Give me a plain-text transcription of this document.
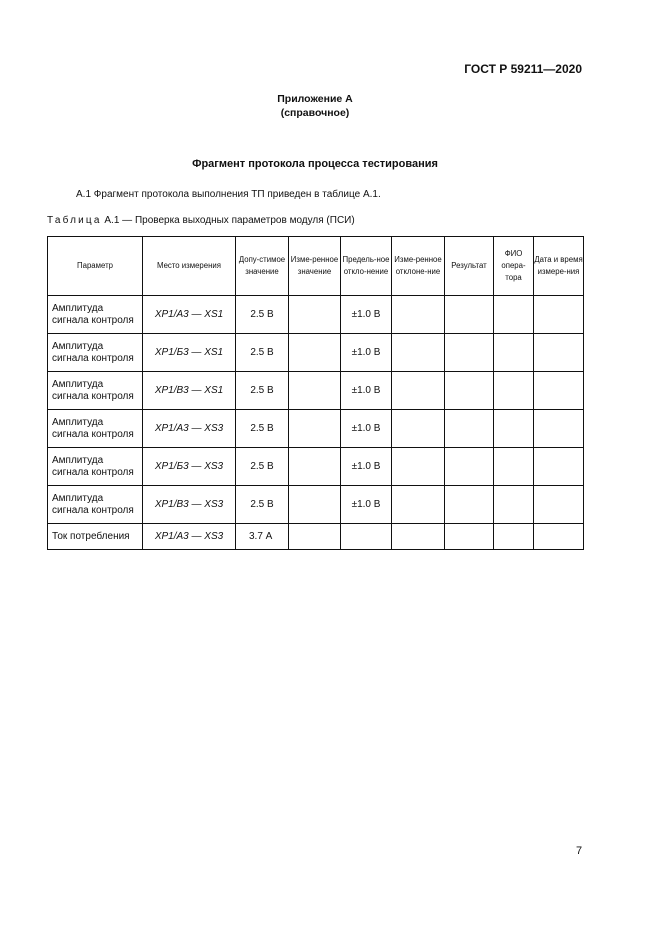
ГОСТ Р 59211—2020
Приложение А
(справочное)
Фрагмент протокола процесса тестирования
А.1 Фрагмент протокола выполнения ТП приведен в таблице А.1.
Таблица А.1 — Проверка выходных параметров модуля (ПСИ)
Параметр	Место измерения	Допу-стимое значение	Изме-ренное значение	Предель-ное откло-нение	Изме-ренное отклоне-ние	Результат	ФИО опера-тора	Дата и время измере-ния
Амплитуда сигнала контроля	ХР1/А3 — XS1	2.5 В		±1.0 В				
Амплитуда сигнала контроля	ХР1/Б3 — XS1	2.5 В		±1.0 В				
Амплитуда сигнала контроля	ХР1/В3 — XS1	2.5 В		±1.0 В				
Амплитуда сигнала контроля	ХР1/А3 — XS3	2.5 В		±1.0 В				
Амплитуда сигнала контроля	ХР1/Б3 — XS3	2.5 В		±1.0 В				
Амплитуда сигнала контроля	ХР1/В3 — XS3	2.5 В		±1.0 В				
Ток потребления	ХР1/А3 — XS3	3.7 А						
7
